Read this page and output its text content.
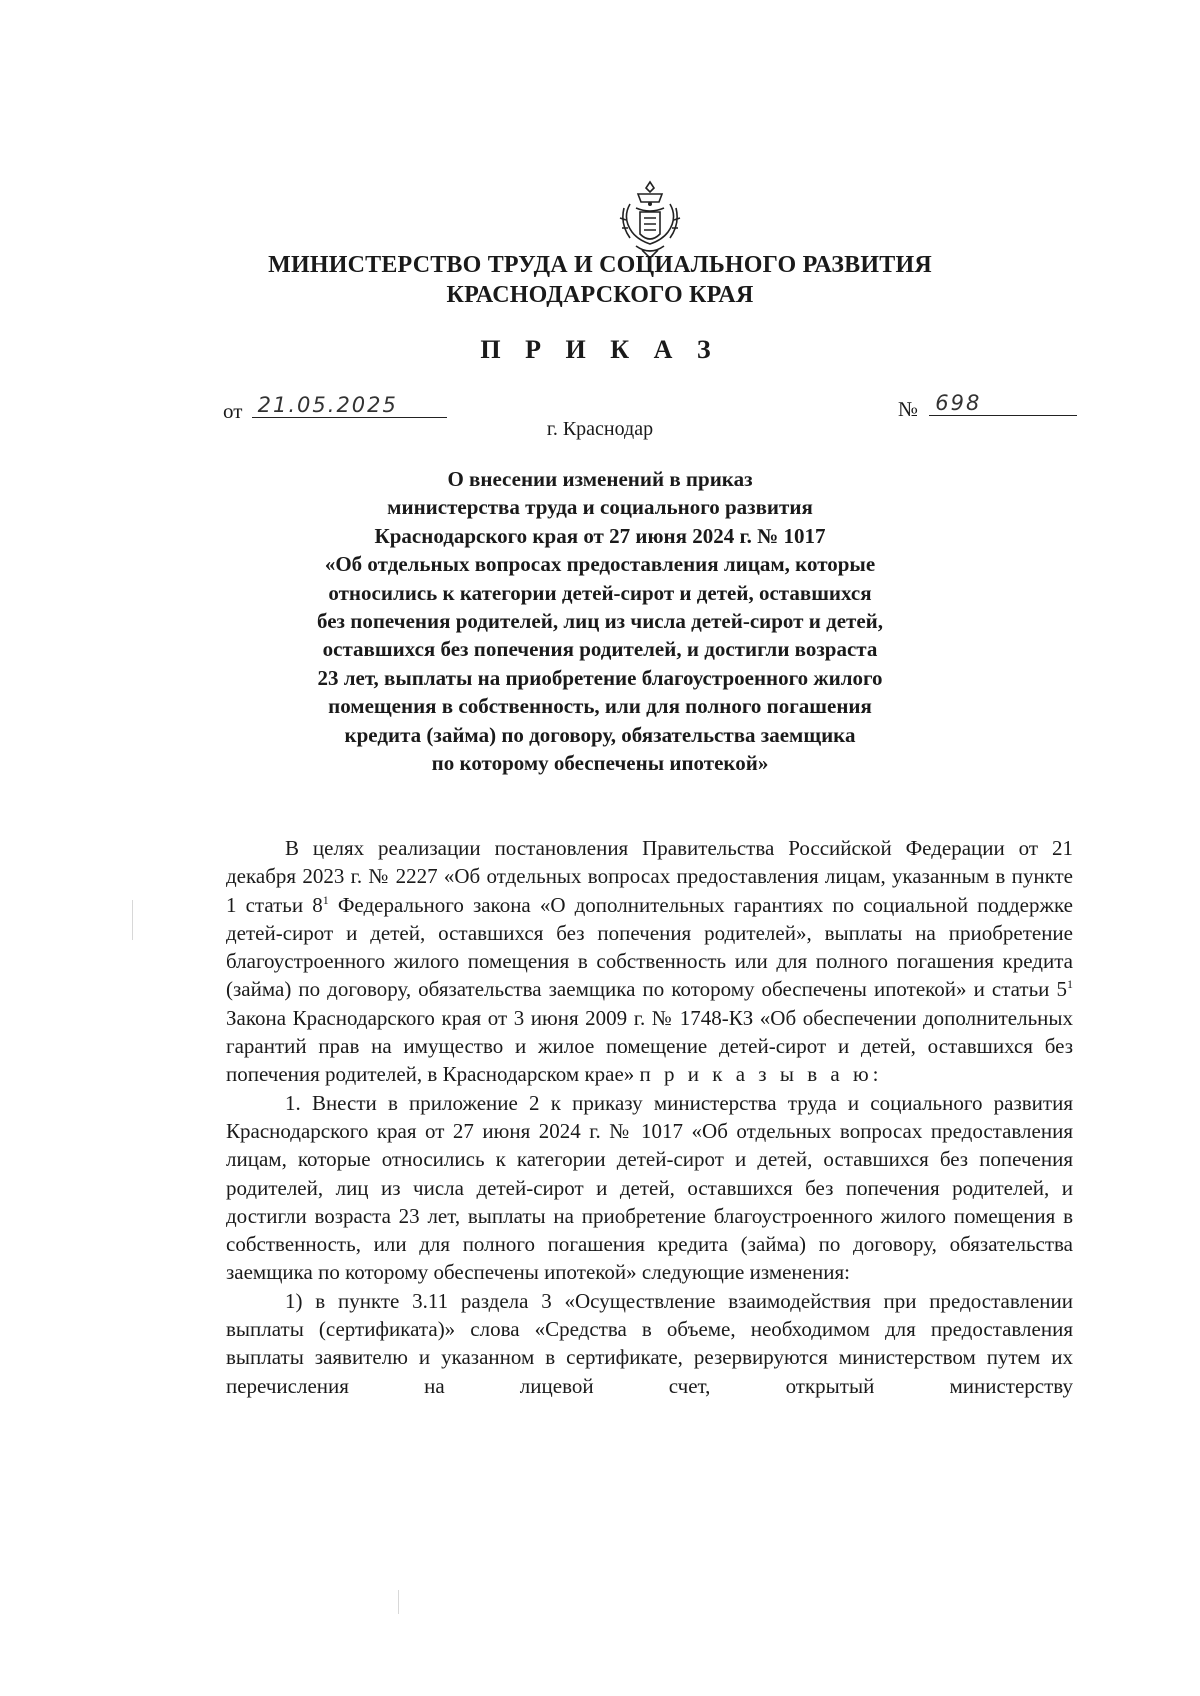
МИНИСТЕРСТВО ТРУДА И СОЦИАЛЬНОГО РАЗВИТИЯ
КРАСНОДАРСКОГО КРАЯ
П Р И К А З
от 21.05.2025	№ 698
г. Краснодар
О внесении изменений в приказ
министерства труда и социального развития
Краснодарского края от 27 июня 2024 г. № 1017
«Об отдельных вопросах предоставления лицам, которые
относились к категории детей-сирот и детей, оставшихся
без попечения родителей, лиц из числа детей-сирот и детей,
оставшихся без попечения родителей, и достигли возраста
23 лет, выплаты на приобретение благоустроенного жилого
помещения в собственность, или для полного погашения
кредита (займа) по договору, обязательства заемщика
по которому обеспечены ипотекой»

В целях реализации постановления Правительства Российской Федерации от 21 декабря 2023 г. № 2227 «Об отдельных вопросах предоставления лицам, указанным в пункте 1 статьи $8^1$ Федерального закона «О дополнительных гарантиях по социальной поддержке детей-сирот и детей, оставшихся без попечения родителей», выплаты на приобретение благоустроенного жилого помещения в собственность или для полного погашения кредита (займа) по договору, обязательства заемщика по которому обеспечены ипотекой» и статьи $5^1$ Закона Краснодарского края от 3 июня 2009 г. № 1748-КЗ «Об обеспечении дополнительных гарантий прав на имущество и жилое помещение детей-сирот и детей, оставшихся без попечения родителей, в Краснодарском крае» п р и к а з ы в а ю:

1. Внести в приложение 2 к приказу министерства труда и социального развития Краснодарского края от 27 июня 2024 г. № 1017 «Об отдельных вопросах предоставления лицам, которые относились к категории детей-сирот и детей, оставшихся без попечения родителей, лиц из числа детей-сирот и детей, оставшихся без попечения родителей, и достигли возраста 23 лет, выплаты на приобретение благоустроенного жилого помещения в собственность, или для полного погашения кредита (займа) по договору, обязательства заемщика по которому обеспечены ипотекой» следующие изменения:

1) в пункте 3.11 раздела 3 «Осуществление взаимодействия при предоставлении выплаты (сертификата)» слова «Средства в объеме, необходимом для предоставления выплаты заявителю и указанном в сертификате, резервируются министерством путем их перечисления на лицевой счет, открытый министерству
